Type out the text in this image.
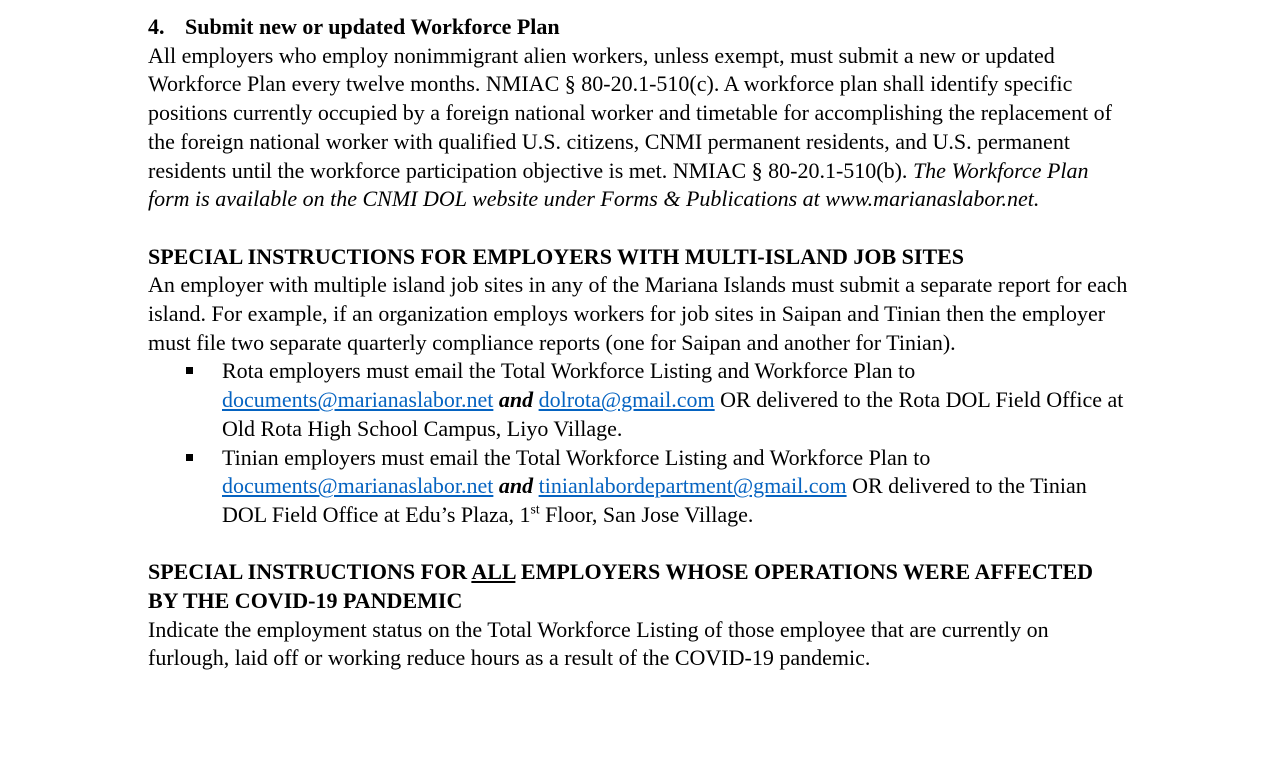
4. Submit new or updated Workforce Plan

All employers who employ nonimmigrant alien workers, unless exempt, must submit a new or updated Workforce Plan every twelve months. NMIAC § 80-20.1-510(c). A workforce plan shall identify specific positions currently occupied by a foreign national worker and timetable for accomplishing the replacement of the foreign national worker with qualified U.S. citizens, CNMI permanent residents, and U.S. permanent residents until the workforce participation objective is met. NMIAC § 80-20.1-510(b). The Workforce Plan form is available on the CNMI DOL website under Forms & Publications at www.marianaslabor.net.

SPECIAL INSTRUCTIONS FOR EMPLOYERS WITH MULTI-ISLAND JOB SITES

An employer with multiple island job sites in any of the Mariana Islands must submit a separate report for each island. For example, if an organization employs workers for job sites in Saipan and Tinian then the employer must file two separate quarterly compliance reports (one for Saipan and another for Tinian).

Rota employers must email the Total Workforce Listing and Workforce Plan to documents@marianaslabor.net and dolrota@gmail.com OR delivered to the Rota DOL Field Office at Old Rota High School Campus, Liyo Village.
Tinian employers must email the Total Workforce Listing and Workforce Plan to documents@marianaslabor.net and tinianlabordepartment@gmail.com OR delivered to the Tinian DOL Field Office at Edu’s Plaza, 1st Floor, San Jose Village.
SPECIAL INSTRUCTIONS FOR ALL EMPLOYERS WHOSE OPERATIONS WERE AFFECTED BY THE COVID-19 PANDEMIC

Indicate the employment status on the Total Workforce Listing of those employee that are currently on furlough, laid off or working reduce hours as a result of the COVID-19 pandemic.
